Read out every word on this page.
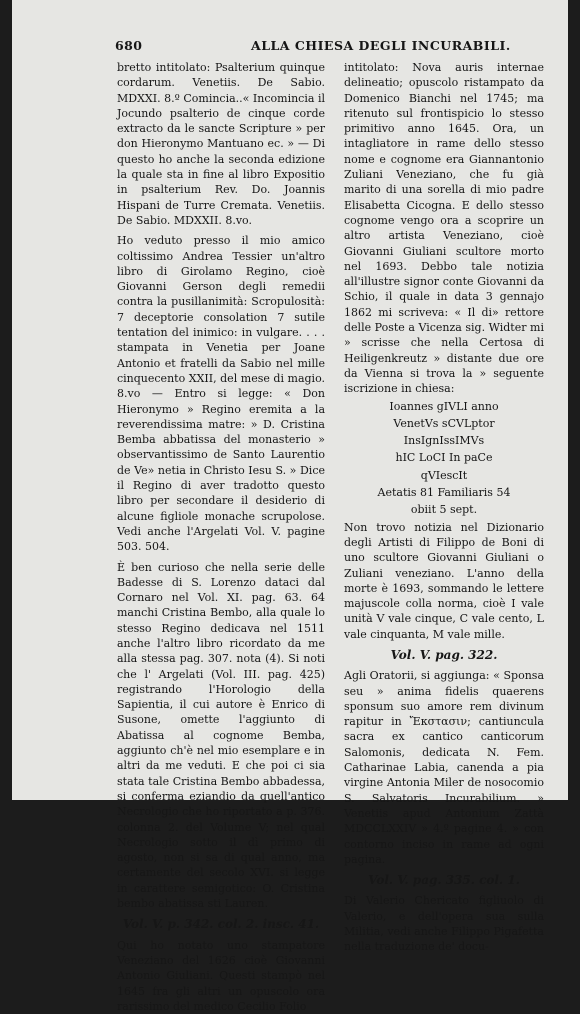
680	ALLA CHIESA DEGLI INCURABILI.

bretto intitolato: Psalterium quinque cordarum. Venetiis. De Sabio. MDXXI. 8.º Comincia..« Incomincia il Jocundo psalterio de cinque corde extracto da le sancte Scripture » per don Hieronymo Mantuano ec. » — Di questo ho anche la seconda edizione la quale sta in fine al libro Expositio in psalterium Rev. Do. Joannis Hispani de Turre Cremata. Venetiis. De Sabio. MDXXII. 8.vo.

Ho veduto presso il mio amico coltissimo Andrea Tessier un'altro libro di Girolamo Regino, cioè Giovanni Gerson degli remedii contra la pusillanimità: Scropulosità: 7 deceptorie consolation 7 sutile tentation del inimico: in vulgare. . . . stampata in Venetia per Joane Antonio et fratelli da Sabio nel mille cinquecento XXII, del mese di magio. 8.vo — Entro si legge: « Don Hieronymo » Regino eremita a la reverendissima matre: » D. Cristina Bemba abbatissa del monasterio » observantissimo de Santo Laurentio de Ve» netia in Christo Iesu S. » Dice il Regino di aver tradotto questo libro per secondare il desiderio di alcune figliole monache scrupolose. Vedi anche l'Argelati Vol. V. pagine 503. 504.

È ben curioso che nella serie delle Badesse di S. Lorenzo dataci dal Cornaro nel Vol. XI. pag. 63. 64 manchi Cristina Bembo, alla quale lo stesso Regino dedicava nel 1511 anche l'altro libro ricordato da me alla stessa pag. 307. nota (4). Si noti che l' Argelati (Vol. III. pag. 425) registrando l'Horologio della Sapientia, il cui autore è Enrico di Susone, omette l'aggiunto di Abatissa al cognome Bemba, aggiunto ch'è nel mio esemplare e in altri da me veduti. E che poi ci sia stata tale Cristina Bembo abbadessa, si conferma eziandio da quell'antico Necrologio che ho riportato a p. 376. colonna 2. del Volume V; nel qual Necrologio sotto il dì primo di agosto, non si sa di qual anno, ma certamente del secolo XVI. si legge in carattere semigotico: O. Cristina bembo abatissa sti Lauren.

Vol. V. p. 342. col. 2. insc. 41.

Qui ho notato uno stampatore Veneziano del 1626 cioè Giovanni Antonio Giuliani. Questi stampò nel 1645 fra gli altri un opuscolo ora rarissimo del medico Cecilio Folio

intitolato: Nova auris internae delineatio; opuscolo ristampato da Domenico Bianchi nel 1745; ma ritenuto sul frontispicio lo stesso primitivo anno 1645. Ora, un intagliatore in rame dello stesso nome e cognome era Giannantonio Zuliani Veneziano, che fu già marito di una sorella di mio padre Elisabetta Cicogna. E dello stesso cognome vengo ora a scoprire un altro artista Veneziano, cioè Giovanni Giuliani scultore morto nel 1693. Debbo tale notizia all'illustre signor conte Giovanni da Schio, il quale in data 3 gennajo 1862 mi scriveva: « Il di» rettore delle Poste a Vicenza sig. Widter mi » scrisse che nella Certosa di Heiligenkreutz » distante due ore da Vienna si trova la » seguente iscrizione in chiesa:

Ioannes gIVLI anno
VenetVs sCVLptor
InsIgnIssIMVs
hIC LoCI In paCe
qVIescIt
Aetatis 81 Familiaris 54
obiit 5 sept.

Non trovo notizia nel Dizionario degli Artisti di Filippo de Boni di uno scultore Giovanni Giuliani o Zuliani veneziano. L'anno della morte è 1693, sommando le lettere majuscole colla norma, cioè I vale unità V vale cinque, C vale cento, L vale cinquanta, M vale mille.

Vol. V. pag. 322.

Agli Oratorii, si aggiunga: « Sponsa seu » anima fidelis quaerens sponsum suo amore rem divinum rapitur in Ἔκστασιν; cantiuncula sacra ex cantico canticorum Salomonis, dedicata N. Fem. Catharinae Labia, canenda a pia virgine Antonia Miler de nosocomio S. Salvatoris Incurabilium. » Venetiis apud Antonium Zattà MDCCLXXIV » 4.º pagine 4. » con contorno inciso in rame ad ogni pagina.

Vol. V. pag. 335. col. 1.

Di Valerio Chericato figliuolo di Valerio, e dell'opera sua sulla Militia, vedi anche Filippo Pigafetta nella traduzione de' docu-
